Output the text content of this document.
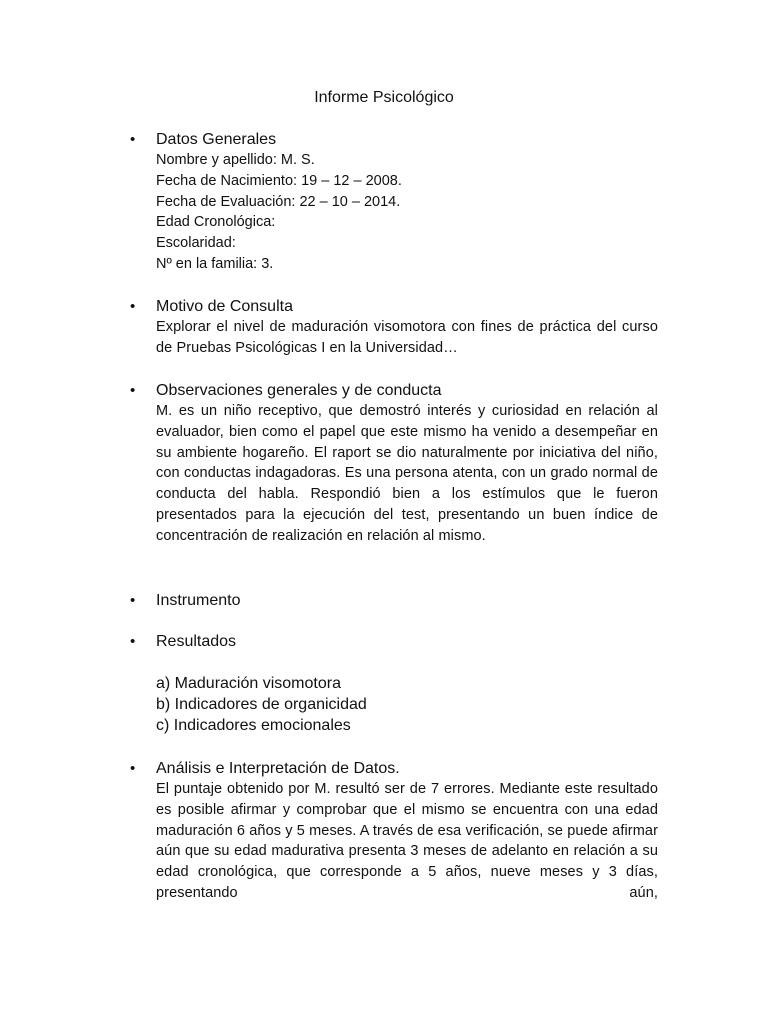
Informe Psicológico
• Datos Generales

Nombre y apellido: M. S.

Fecha de Nacimiento: 19 – 12 – 2008.

Fecha de Evaluación: 22 – 10 – 2014.

Edad Cronológica:

Escolaridad:

Nº en la familia: 3.

• Motivo de Consulta

Explorar el nivel de maduración visomotora con fines de práctica del curso de Pruebas Psicológicas I en la Universidad…

• Observaciones generales y de conducta

M. es un niño receptivo, que demostró interés y curiosidad en relación al evaluador, bien como el papel que este mismo ha venido a desempeñar en su ambiente hogareño. El raport se dio naturalmente por iniciativa del niño, con conductas indagadoras. Es una persona atenta, con un grado normal de conducta del habla. Respondió bien a los estímulos que le fueron presentados para la ejecución del test, presentando un buen índice de concentración de realización en relación al mismo.

• Instrumento

• Resultados

a) Maduración visomotora

b) Indicadores de organicidad

c) Indicadores emocionales

• Análisis e Interpretación de Datos.

El puntaje obtenido por M. resultó ser de 7 errores. Mediante este resultado es posible afirmar y comprobar que el mismo se encuentra con una edad maduración 6 años y 5 meses. A través de esa verificación, se puede afirmar aún que su edad madurativa presenta 3 meses de adelanto en relación a su edad cronológica, que corresponde a 5 años, nueve meses y 3 días, presentando aún,
